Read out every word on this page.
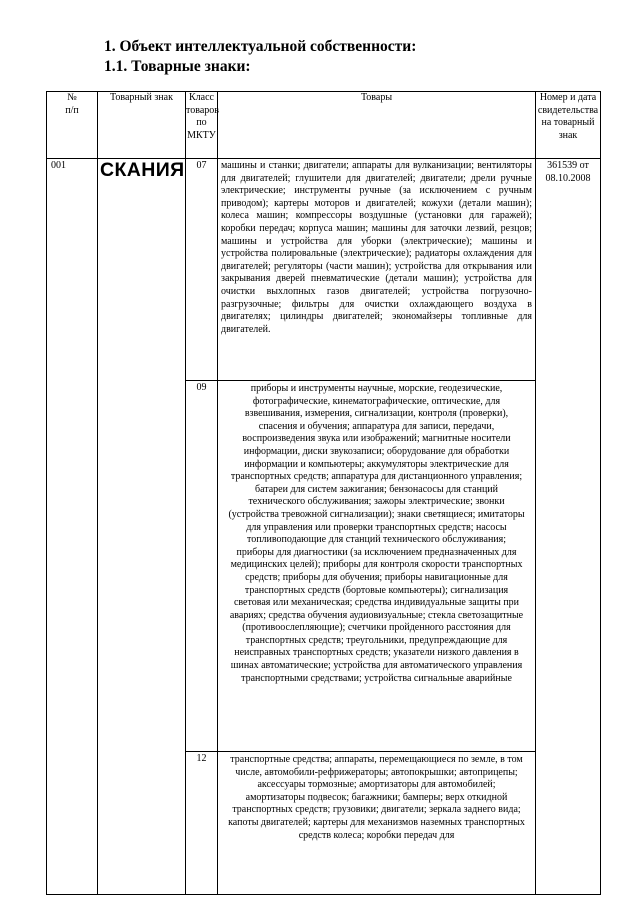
1. Объект интеллектуальной собственности:
1.1. Товарные знаки:
№
п/п	Товарный знак	Класс товаров по МКТУ	Товары	Номер и дата свидетельства на товарный знак
001	СКАНИЯ	07	машины и станки; двигатели; аппараты для вулканизации; вентиляторы для двигателей; глушители для двигателей; двигатели; дрели ручные электрические; инструменты ручные (за исключением с ручным приводом); картеры моторов и двигателей; кожухи (детали машин); колеса машин; компрессоры воздушные (установки для гаражей); коробки передач; корпуса машин; машины для заточки лезвий, резцов; машины и устройства для уборки (электрические); машины и устройства полировальные (электрические); радиаторы охлаждения для двигателей; регуляторы (части машин); устройства для открывания или закрывания дверей пневматические (детали машин); устройства для очистки выхлопных газов двигателей; устройства погрузочно-разгрузочные; фильтры для очистки охлаждающего воздуха в двигателях; цилиндры двигателей; экономайзеры топливные для двигателей.	361539 от 08.10.2008
		09	приборы и инструменты научные, морские, геодезические, фотографические, кинематографические, оптические, для взвешивания, измерения, сигнализации, контроля (проверки), спасения и обучения; аппаратура для записи, передачи, воспроизведения звука или изображений; магнитные носители информации, диски звукозаписи; оборудование для обработки информации и компьютеры; аккумуляторы электрические для транспортных средств; аппаратура для дистанционного управления; батареи для систем зажигания; бензонасосы для станций технического обслуживания; зажоры электрические; звонки (устройства тревожной сигнализации); знаки светящиеся; имитаторы для управления или проверки транспортных средств; насосы топливоподающие для станций технического обслуживания; приборы для диагностики (за исключением предназначенных для медицинских целей); приборы для контроля скорости транспортных средств; приборы для обучения; приборы навигационные для транспортных средств (бортовые компьютеры); сигнализация световая или механическая; средства индивидуальные защиты при авариях; средства обучения аудиовизуальные; стекла светозащитные (противоослепляющие); счетчики пройденного расстояния для транспортных средств; треугольники, предупреждающие для неисправных транспортных средств; указатели низкого давления в шинах автоматические; устройства для автоматического управления транспортными средствами; устройства сигнальные аварийные	
		12	транспортные средства; аппараты, перемещающиеся по земле, в том числе, автомобили-рефрижераторы; автопокрышки; автоприцепы; аксессуары тормозные; амортизаторы для автомобилей; амортизаторы подвесок; багажники; бамперы; верх откидной транспортных средств; грузовики; двигатели; зеркала заднего вида; капоты двигателей; картеры для механизмов наземных транспортных средств колеса; коробки передач для	
